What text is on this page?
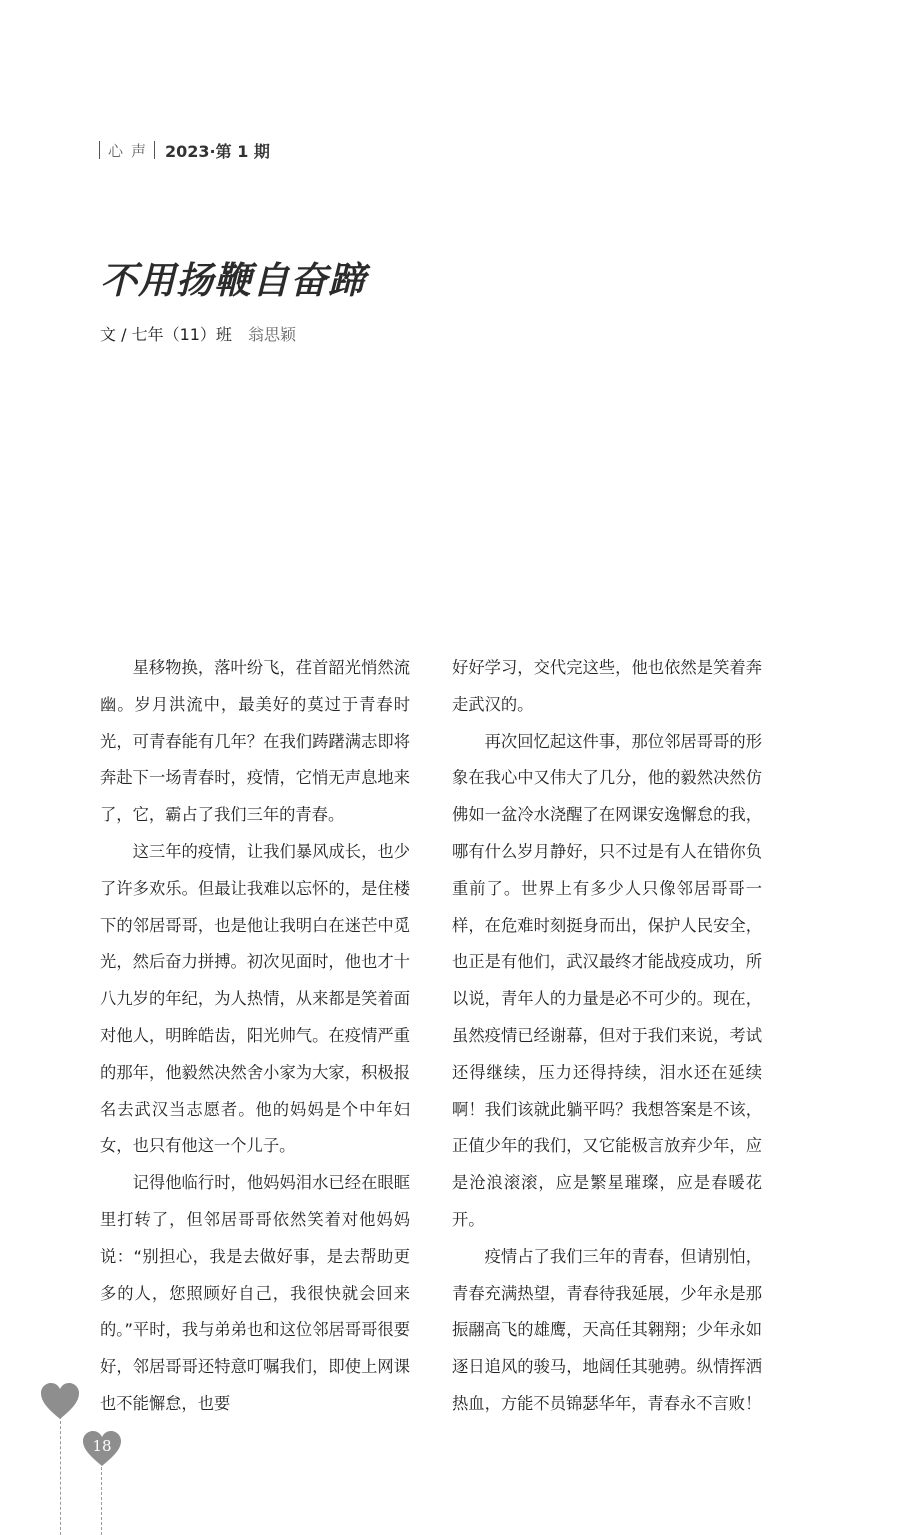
心声 2023·第 1 期
不用扬鞭自奋蹄
文 / 七年（11）班 翁思颖

星移物换，落叶纷飞，荏首韶光悄然流幽。岁月洪流中，最美好的莫过于青春时光，可青春能有几年？在我们踌躇满志即将奔赴下一场青春时，疫情，它悄无声息地来了，它，霸占了我们三年的青春。

这三年的疫情，让我们暴风成长，也少了许多欢乐。但最让我难以忘怀的，是住楼下的邻居哥哥，也是他让我明白在迷芒中觅光，然后奋力拼搏。初次见面时，他也才十八九岁的年纪，为人热情，从来都是笑着面对他人，明眸皓齿，阳光帅气。在疫情严重的那年，他毅然决然舍小家为大家，积极报名去武汉当志愿者。他的妈妈是个中年妇女，也只有他这一个儿子。

记得他临行时，他妈妈泪水已经在眼眶里打转了，但邻居哥哥依然笑着对他妈妈说：“别担心，我是去做好事，是去帮助更多的人，您照顾好自己，我很快就会回来的。”平时，我与弟弟也和这位邻居哥哥很要好，邻居哥哥还特意叮嘱我们，即使上网课也不能懈怠，也要

好好学习，交代完这些，他也依然是笑着奔走武汉的。

再次回忆起这件事，那位邻居哥哥的形象在我心中又伟大了几分，他的毅然决然仿佛如一盆冷水浇醒了在网课安逸懈怠的我，哪有什么岁月静好，只不过是有人在错你负重前了。世界上有多少人只像邻居哥哥一样，在危难时刻挺身而出，保护人民安全，也正是有他们，武汉最终才能战疫成功，所以说，青年人的力量是必不可少的。现在，虽然疫情已经谢幕，但对于我们来说，考试还得继续，压力还得持续，泪水还在延续啊！我们该就此躺平吗？我想答案是不该，正值少年的我们，又它能极言放弃少年，应是沧浪滚滚，应是繁星璀璨，应是春暖花开。

疫情占了我们三年的青春，但请别怕，青春充满热望，青春待我延展，少年永是那振翮高飞的雄鹰，天高任其翱翔；少年永如逐日追风的骏马，地阔任其驰骋。纵情挥洒热血，方能不员锦瑟华年，青春永不言败！

18
